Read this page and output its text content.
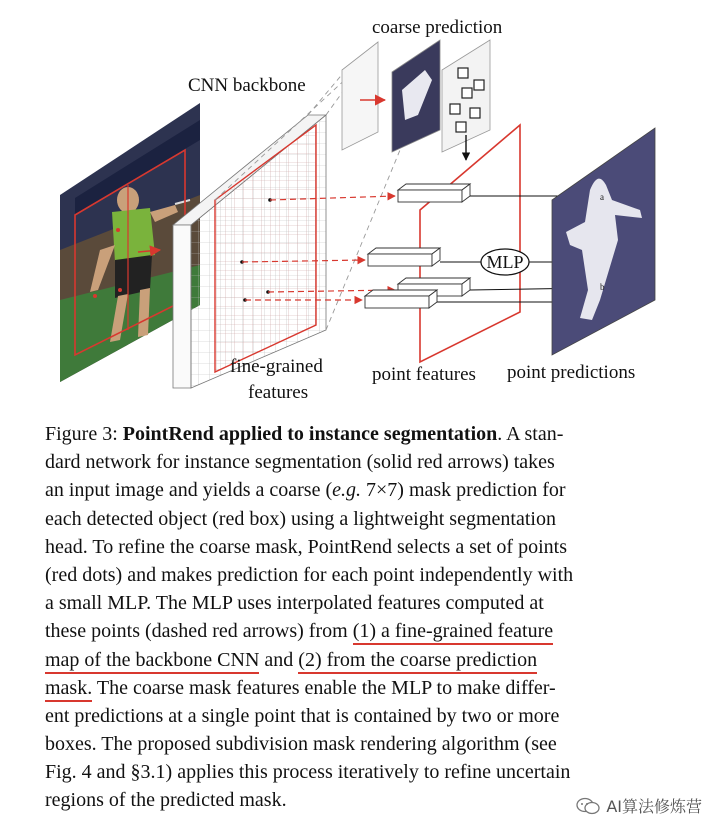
CNN backbone
fine-grained
features
coarse prediction
point features
MLP
a
b
point predictions
Figure 3: PointRend applied to instance segmentation. A stan-
dard network for instance segmentation (solid red arrows) takes
an input image and yields a coarse (e.g. 7×7) mask prediction for
each detected object (red box) using a lightweight segmentation
head. To refine the coarse mask, PointRend selects a set of points
(red dots) and makes prediction for each point independently with
a small MLP. The MLP uses interpolated features computed at
these points (dashed red arrows) from (1) a fine-grained feature
map of the backbone CNN and (2) from the coarse prediction
mask. The coarse mask features enable the MLP to make differ-
ent predictions at a single point that is contained by two or more
boxes. The proposed subdivision mask rendering algorithm (see
Fig. 4 and §3.1) applies this process iteratively to refine uncertain
regions of the predicted mask.	AI算法修炼营
